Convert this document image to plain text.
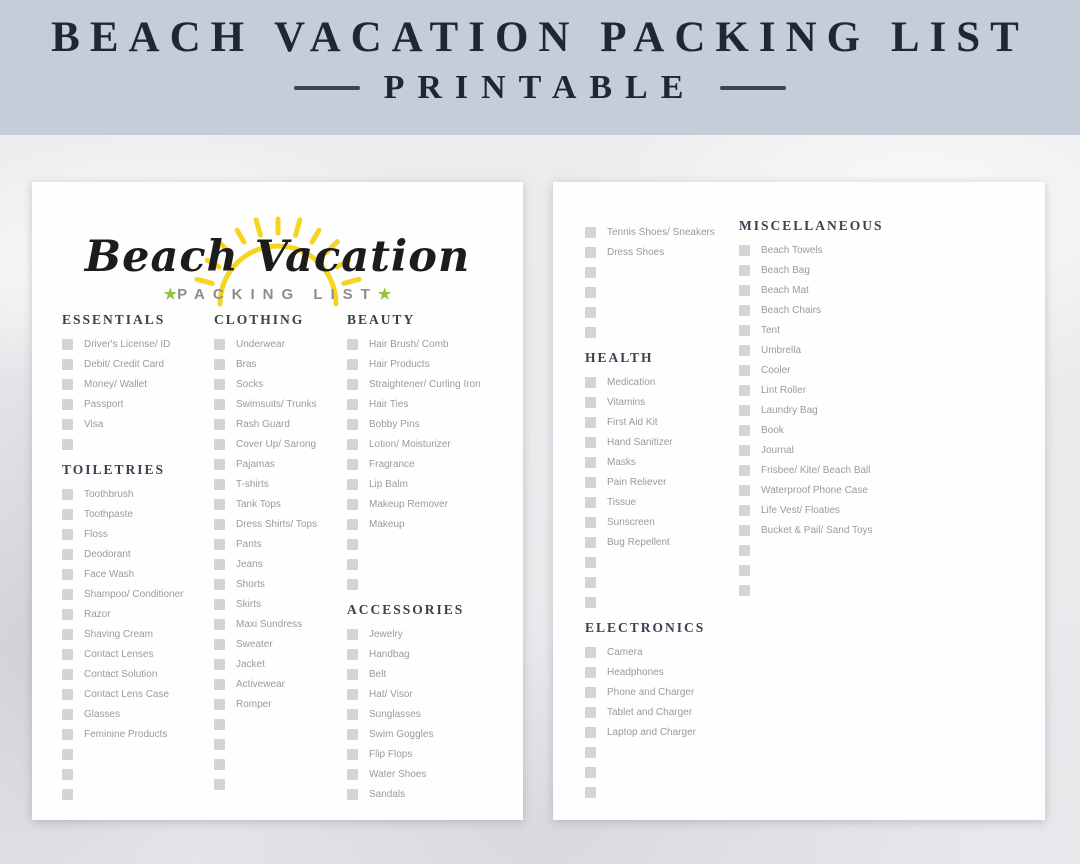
BEACH VACATION PACKING LIST
PRINTABLE
Beach Vacation
★PACKING LIST★
ESSENTIALS
Driver's License/ ID
Debit/ Credit Card
Money/ Wallet
Passport
Visa
TOILETRIES
Toothbrush
Toothpaste
Floss
Deodorant
Face Wash
Shampoo/ Conditioner
Razor
Shaving Cream
Contact Lenses
Contact Solution
Contact Lens Case
Glasses
Feminine Products
CLOTHING
Underwear
Bras
Socks
Swimsuits/ Trunks
Rash Guard
Cover Up/ Sarong
Pajamas
T-shirts
Tank Tops
Dress Shirts/ Tops
Pants
Jeans
Shorts
Skirts
Maxi Sundress
Sweater
Jacket
Activewear
Romper
BEAUTY
Hair Brush/ Comb
Hair Products
Straightener/ Curling Iron
Hair Ties
Bobby Pins
Lotion/ Moisturizer
Fragrance
Lip Balm
Makeup Remover
Makeup
ACCESSORIES
Jewelry
Handbag
Belt
Hat/ Visor
Sunglasses
Swim Goggles
Flip Flops
Water Shoes
Sandals
Tennis Shoes/ Sneakers
Dress Shoes
HEALTH
Medication
Vitamins
First Aid Kit
Hand Sanitizer
Masks
Pain Reliever
Tissue
Sunscreen
Bug Repellent
ELECTRONICS
Camera
Headphones
Phone and Charger
Tablet and Charger
Laptop and Charger
MISCELLANEOUS
Beach Towels
Beach Bag
Beach Mat
Beach Chairs
Tent
Umbrella
Cooler
Lint Roller
Laundry Bag
Book
Journal
Frisbee/ Kite/ Beach Ball
Waterproof Phone Case
Life Vest/ Floaties
Bucket & Pail/ Sand Toys
